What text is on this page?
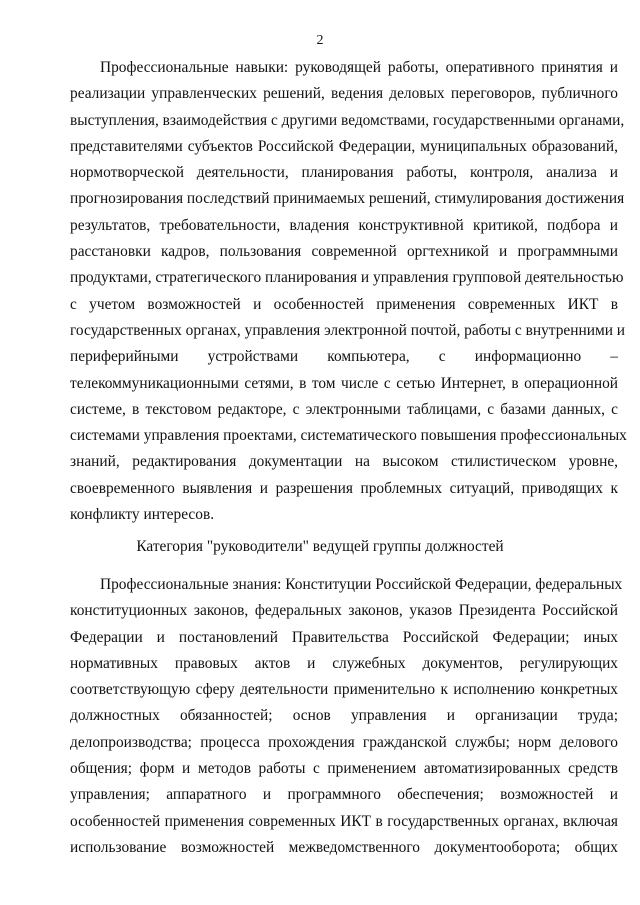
2
Профессиональные навыки: руководящей работы, оперативного принятия и
реализации управленческих решений, ведения деловых переговоров, публичного
выступления, взаимодействия с другими ведомствами, государственными органами,
представителями субъектов Российской Федерации, муниципальных образований,
нормотворческой деятельности, планирования работы, контроля, анализа и
прогнозирования последствий принимаемых решений, стимулирования достижения
результатов, требовательности, владения конструктивной критикой, подбора и
расстановки кадров, пользования современной оргтехникой и программными
продуктами, стратегического планирования и управления групповой деятельностью
с учетом возможностей и особенностей применения современных ИКТ в
государственных органах, управления электронной почтой, работы с внутренними и
периферийными устройствами компьютера, с информационно –
телекоммуникационными сетями, в том числе с сетью Интернет, в операционной
системе, в текстовом редакторе, с электронными таблицами, с базами данных, с
системами управления проектами, систематического повышения профессиональных
знаний, редактирования документации на высоком стилистическом уровне,
своевременного выявления и разрешения проблемных ситуаций, приводящих к
конфликту интересов.
Категория "руководители" ведущей группы должностей
Профессиональные знания: Конституции Российской Федерации, федеральных
конституционных законов, федеральных законов, указов Президента Российской
Федерации и постановлений Правительства Российской Федерации; иных
нормативных правовых актов и служебных документов, регулирующих
соответствующую сферу деятельности применительно к исполнению конкретных
должностных обязанностей; основ управления и организации труда;
делопроизводства; процесса прохождения гражданской службы; норм делового
общения; форм и методов работы с применением автоматизированных средств
управления; аппаратного и программного обеспечения; возможностей и
особенностей применения современных ИКТ в государственных органах, включая
использование возможностей межведомственного документооборота; общих
